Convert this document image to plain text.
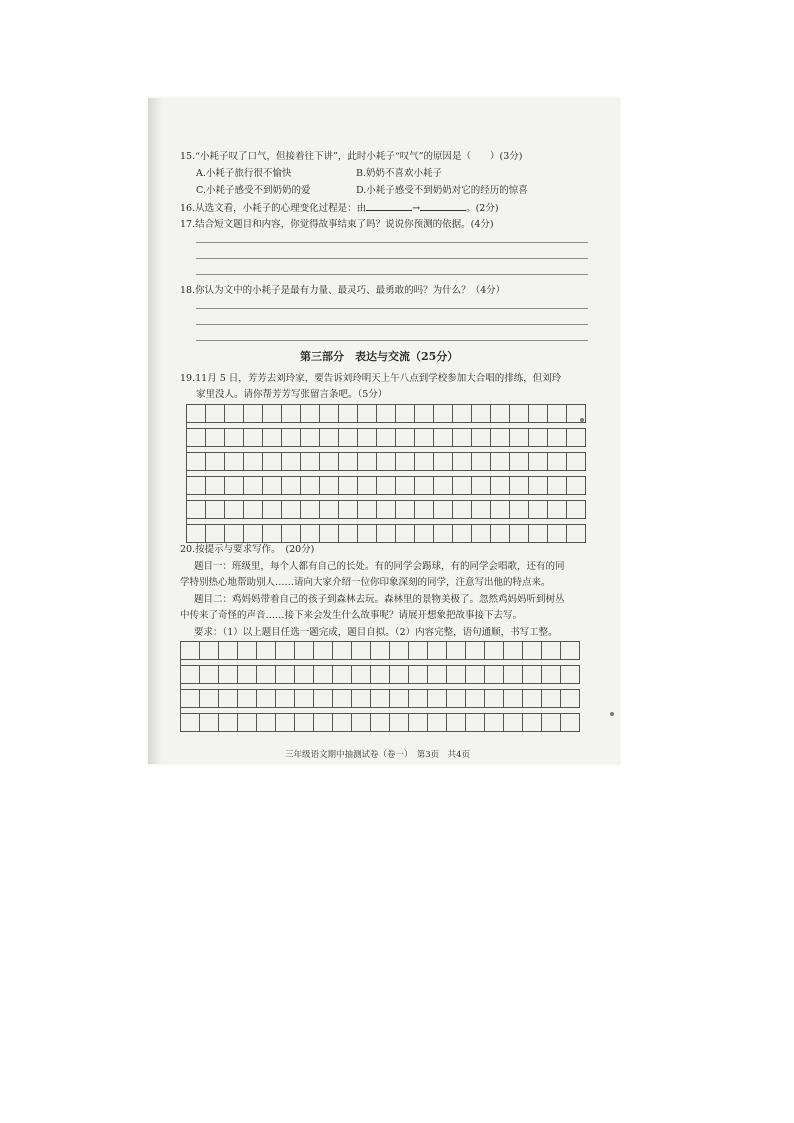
15.“小耗子叹了口气，但接着往下讲”，此时小耗子“叹气”的原因是（　　）(3分)
A.小耗子旅行很不愉快	B.奶奶不喜欢小耗子
C.小耗子感受不到奶奶的爱	D.小耗子感受不到奶奶对它的经历的惊喜
16.从选文看，小耗子的心理变化过程是：由	→	。(2分)
17.结合短文题目和内容，你觉得故事结束了吗？说说你预测的依据。(4分)
18.你认为文中的小耗子是最有力量、最灵巧、最勇敢的吗？为什么？（4分）
第三部分　表达与交流（25分）
19.11月 5 日，芳芳去刘玲家，要告诉刘玲明天上午八点到学校参加大合唱的排练，但刘玲
家里没人。请你帮芳芳写张留言条吧。（5分）
20.按提示与要求写作。　(20分)
题目一：班级里，每个人都有自己的长处。有的同学会踢球，有的同学会唱歌，还有的同
学特别热心地帮助别人……请向大家介绍一位你印象深刻的同学，注意写出他的特点来。
题目二：鸡妈妈带着自己的孩子到森林去玩。森林里的景物美极了。忽然鸡妈妈听到树丛
中传来了奇怪的声音……接下来会发生什么故事呢？请展开想象把故事接下去写。
要求：（1）以上题目任选一题完成，题目自拟。（2）内容完整，语句通顺，书写工整。
三年级语文期中抽测试卷（卷一）　第3页　共4页
